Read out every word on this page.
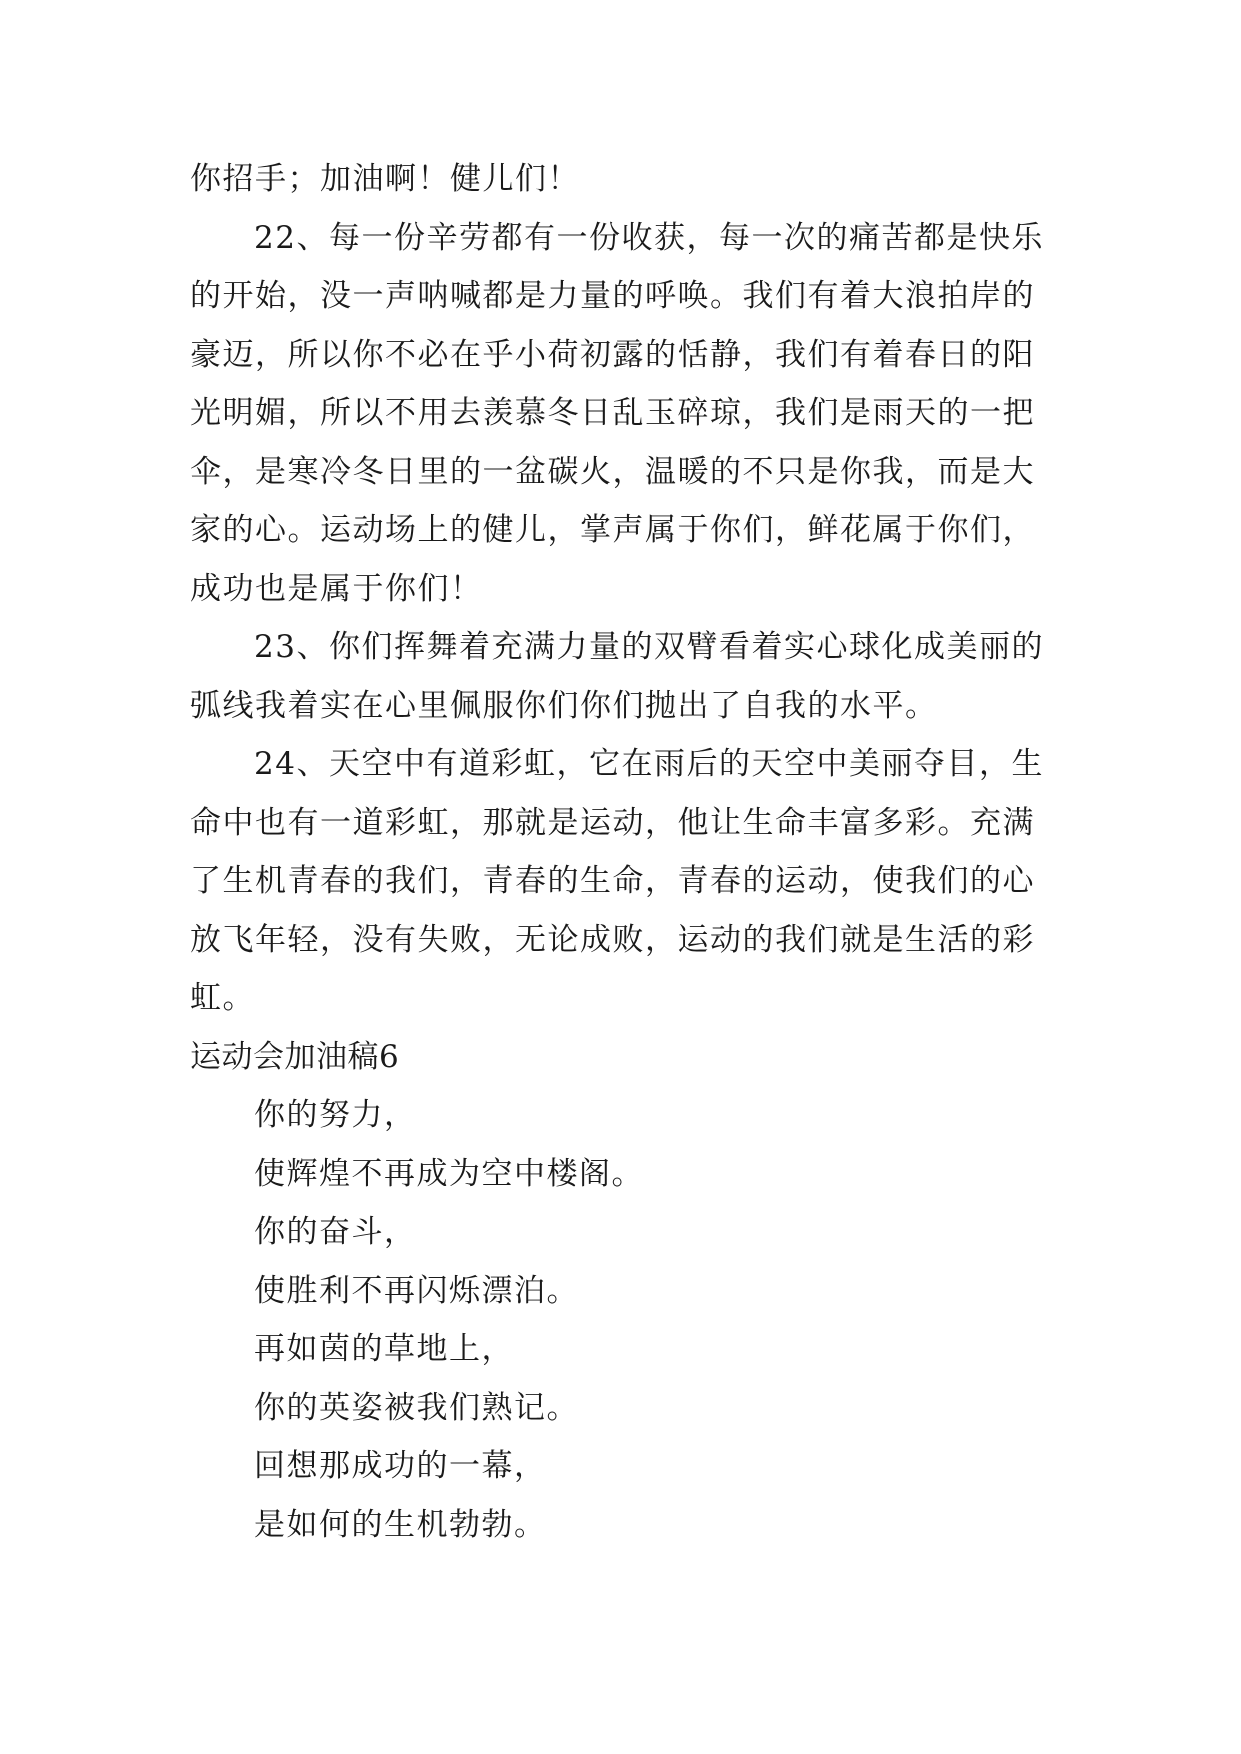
你招手；加油啊！健儿们！
22、每一份辛劳都有一份收获，每一次的痛苦都是快乐
的开始，没一声呐喊都是力量的呼唤。我们有着大浪拍岸的
豪迈，所以你不必在乎小荷初露的恬静，我们有着春日的阳
光明媚，所以不用去羡慕冬日乱玉碎琼，我们是雨天的一把
伞，是寒冷冬日里的一盆碳火，温暖的不只是你我，而是大
家的心。运动场上的健儿，掌声属于你们，鲜花属于你们，
成功也是属于你们！
23、你们挥舞着充满力量的双臂看着实心球化成美丽的
弧线我着实在心里佩服你们你们抛出了自我的水平。
24、天空中有道彩虹，它在雨后的天空中美丽夺目，生
命中也有一道彩虹，那就是运动，他让生命丰富多彩。充满
了生机青春的我们，青春的生命，青春的运动，使我们的心
放飞年轻，没有失败，无论成败，运动的我们就是生活的彩
虹。
运动会加油稿6
你的努力，
使辉煌不再成为空中楼阁。
你的奋斗，
使胜利不再闪烁漂泊。
再如茵的草地上，
你的英姿被我们熟记。
回想那成功的一幕，
是如何的生机勃勃。
